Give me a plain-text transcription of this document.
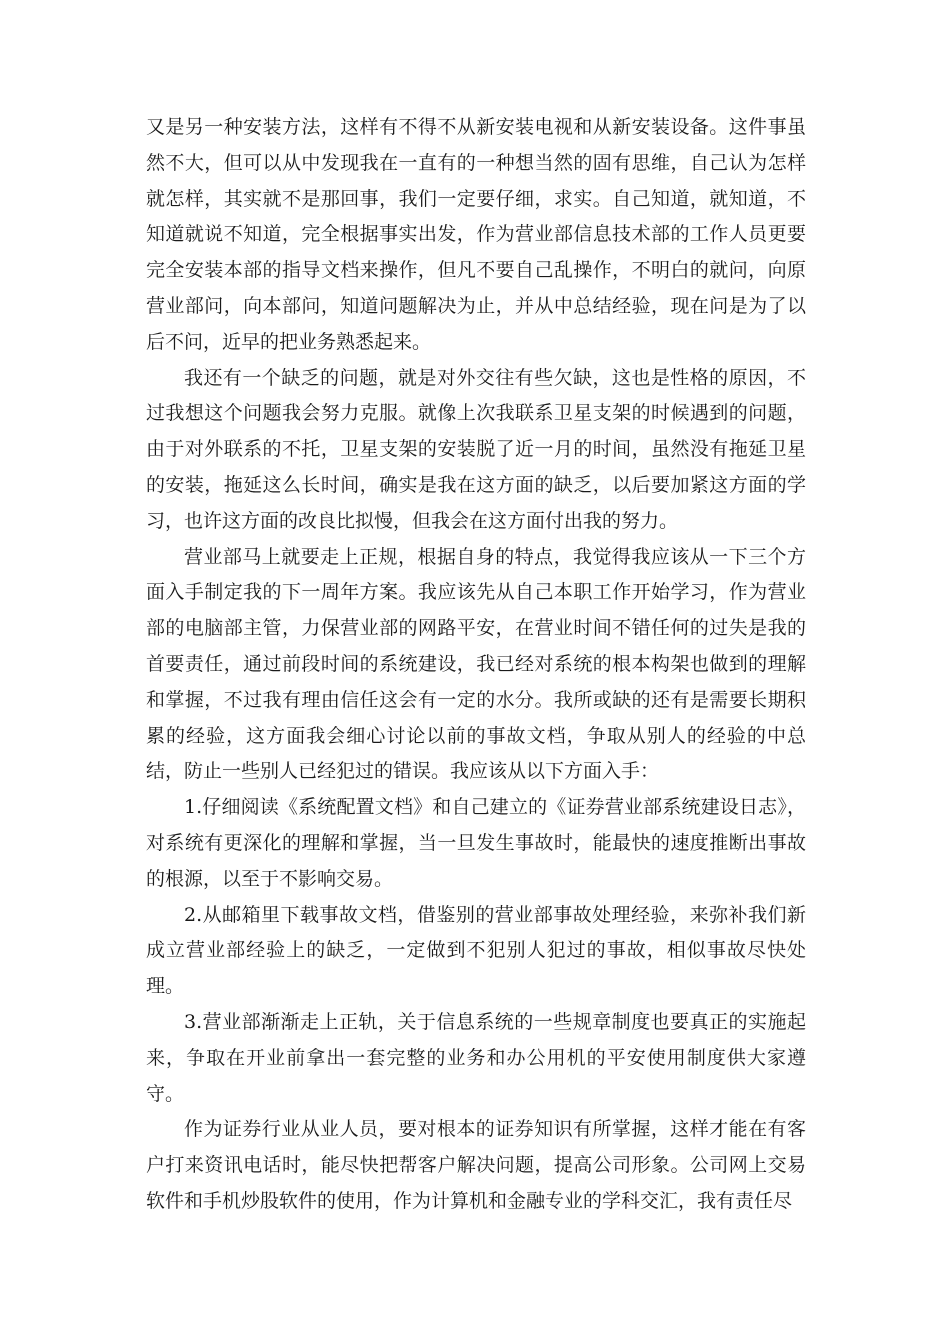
又是另一种安装方法，这样有不得不从新安装电视和从新安装设备。这件事虽然不大，但可以从中发现我在一直有的一种想当然的固有思维，自己认为怎样就怎样，其实就不是那回事，我们一定要仔细，求实。自己知道，就知道，不知道就说不知道，完全根据事实出发，作为营业部信息技术部的工作人员更要完全安装本部的指导文档来操作，但凡不要自己乱操作，不明白的就问，向原营业部问，向本部问，知道问题解决为止，并从中总结经验，现在问是为了以后不问，近早的把业务熟悉起来。

我还有一个缺乏的问题，就是对外交往有些欠缺，这也是性格的原因，不过我想这个问题我会努力克服。就像上次我联系卫星支架的时候遇到的问题，由于对外联系的不托，卫星支架的安装脱了近一月的时间，虽然没有拖延卫星的安装，拖延这么长时间，确实是我在这方面的缺乏，以后要加紧这方面的学习，也许这方面的改良比拟慢，但我会在这方面付出我的努力。

营业部马上就要走上正规，根据自身的特点，我觉得我应该从一下三个方面入手制定我的下一周年方案。我应该先从自己本职工作开始学习，作为营业部的电脑部主管，力保营业部的网路平安，在营业时间不错任何的过失是我的首要责任，通过前段时间的系统建设，我已经对系统的根本构架也做到的理解和掌握，不过我有理由信任这会有一定的水分。我所或缺的还有是需要长期积累的经验，这方面我会细心讨论以前的事故文档，争取从别人的经验的中总结，防止一些别人已经犯过的错误。我应该从以下方面入手：

1.仔细阅读《系统配置文档》和自己建立的《证券营业部系统建设日志》，对系统有更深化的理解和掌握，当一旦发生事故时，能最快的速度推断出事故的根源，以至于不影响交易。

2.从邮箱里下载事故文档，借鉴别的营业部事故处理经验，来弥补我们新成立营业部经验上的缺乏，一定做到不犯别人犯过的事故，相似事故尽快处理。

3.营业部渐渐走上正轨，关于信息系统的一些规章制度也要真正的实施起来，争取在开业前拿出一套完整的业务和办公用机的平安使用制度供大家遵守。

作为证券行业从业人员，要对根本的证券知识有所掌握，这样才能在有客户打来资讯电话时，能尽快把帮客户解决问题，提高公司形象。公司网上交易软件和手机炒股软件的使用，作为计算机和金融专业的学科交汇，我有责任尽
